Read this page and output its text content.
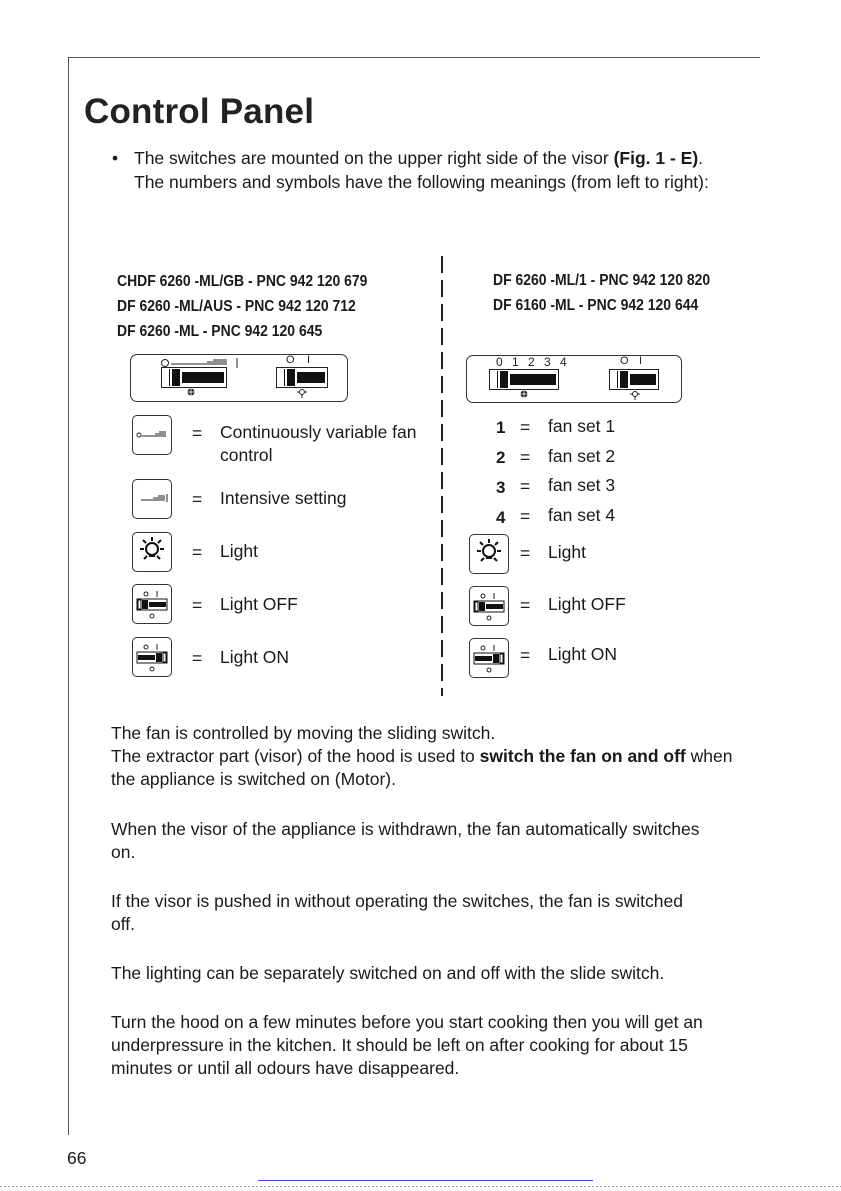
Control Panel
• The switches are mounted on the upper right side of the visor (Fig. 1 - E).
The numbers and symbols have the following meanings (from left to right):
CHDF 6260 -ML/GB - PNC 942 120 679
DF 6260 -ML/AUS - PNC 942 120 712
DF 6260 -ML - PNC 942 120 645
DF 6260 -ML/1 - PNC 942 120 820
DF 6160 -ML - PNC 942 120 644
O I
= Continuously variable fan control
= Intensive setting
= Light
= Light OFF
= Light ON
0 1 2 3 4	O I
1 = fan set 1
2 = fan set 2
3 = fan set 3
4 = fan set 4
= Light
= Light OFF
= Light ON
The fan is controlled by moving the sliding switch.
The extractor part (visor) of the hood is used to switch the fan on and off when the appliance is switched on (Motor).
When the visor of the appliance is withdrawn, the fan automatically switches on.
If the visor is pushed in without operating the switches, the fan is switched off.
The lighting can be separately switched on and off with the slide switch.
Turn the hood on a few minutes before you start cooking then you will get an underpressure in the kitchen. It should be left on after cooking for about 15 minutes or until all odours have disappeared.
66
